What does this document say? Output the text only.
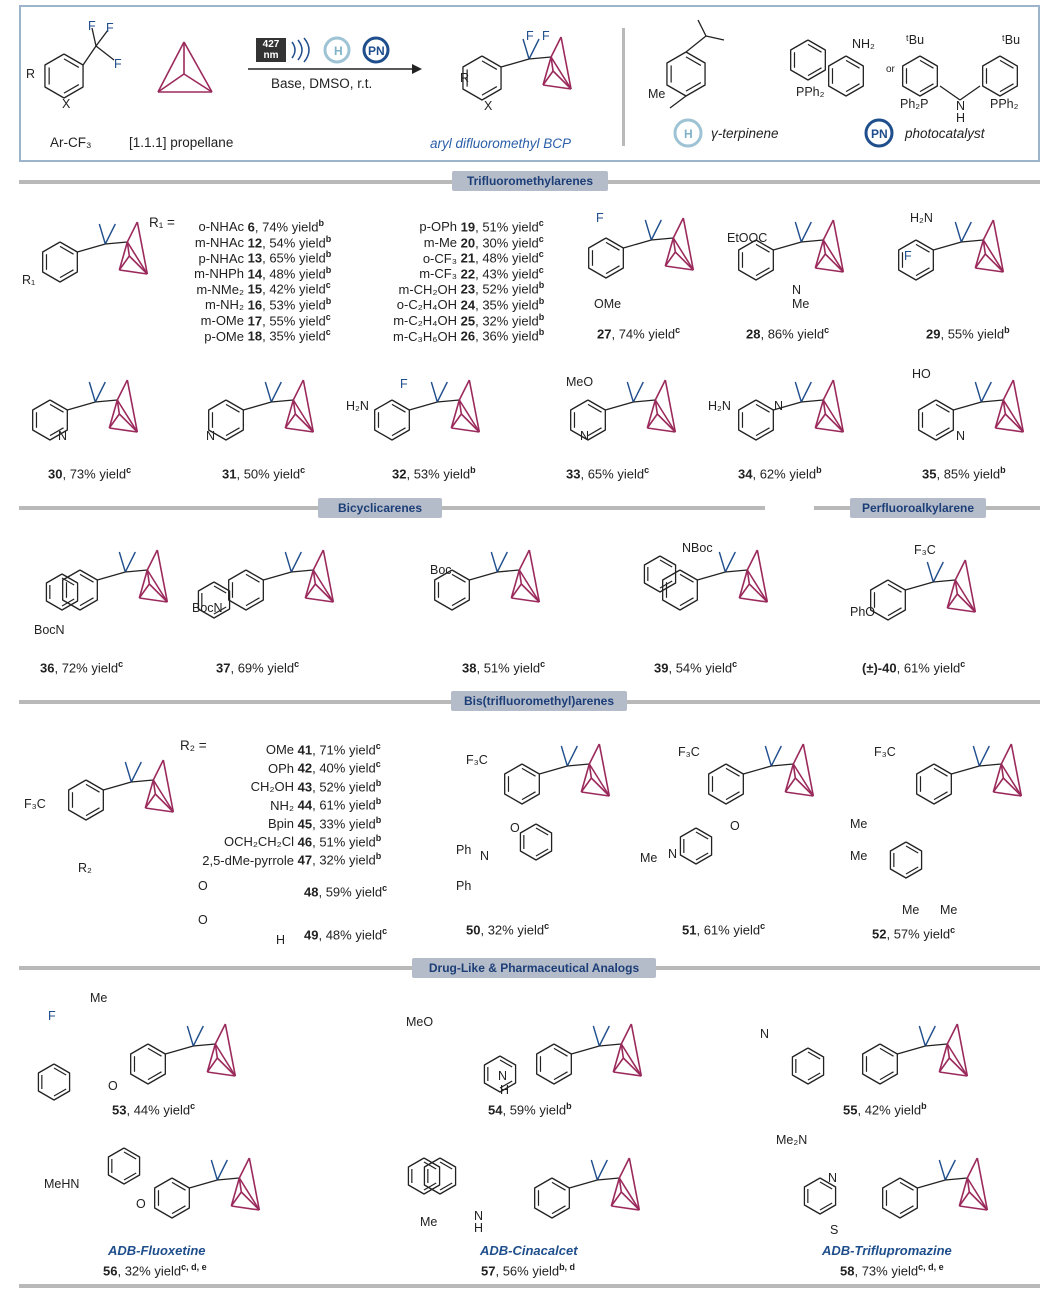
Trifluoromethylarenes
Bicyclicarenes	Perfluoroalkylarene
Bis(trifluoromethyl)arenes
Drug-Like & Pharmaceutical Analogs
Ar-CF₃	[1.1.1] propellane
Base, DMSO, r.t.
aryl difluoromethyl BCP
γ-terpinene	photocatalyst
or
427 nm
R₁ =	o-NHAc 6, 74% yield$^b$
m-NHAc 12, 54% yield$^b$
p-NHAc 13, 65% yield$^b$
m-NHPh 14, 48% yield$^b$
m-NMe₂ 15, 42% yield$^c$
m-NH₂ 16, 53% yield$^b$
m-OMe 17, 55% yield$^c$
p-OMe 18, 35% yield$^c$
p-OPh 19, 51% yield$^c$
m-Me 20, 30% yield$^c$
o-CF₃ 21, 48% yield$^c$
m-CF₃ 22, 43% yield$^c$
m-CH₂OH 23, 52% yield$^b$
o-C₂H₄OH 24, 35% yield$^b$
m-C₂H₄OH 25, 32% yield$^b$
m-C₃H₆OH 26, 36% yield$^b$
R₂ =	OMe 41, 71% yield$^c$
OPh 42, 40% yield$^c$
CH₂OH 43, 52% yield$^b$
NH₂ 44, 61% yield$^b$
Bpin 45, 33% yield$^b$
OCH₂CH₂Cl 46, 51% yield$^b$
2,5-dMe-pyrrole 47, 32% yield$^b$
48, 59% yield$^c$
49, 48% yield$^c$
27, 74% yield$^c$	28, 86% yield$^c$	29, 55% yield$^b$
30, 73% yield$^c$	31, 50% yield$^c$	32, 53% yield$^b$	33, 65% yield$^c$	34, 62% yield$^b$	35, 85% yield$^b$
36, 72% yield$^c$	37, 69% yield$^c$	38, 51% yield$^c$	39, 54% yield$^c$	(±)-40, 61% yield$^c$
50, 32% yield$^c$	51, 61% yield$^c$
52, 57% yield$^c$
53, 44% yield$^c$	54, 59% yield$^b$	55, 42% yield$^b$
56, 32% yield$^{c, d, e}$	57, 56% yield$^{b, d}$	58, 73% yield$^{c, d, e}$
ADB-Fluoxetine	ADB-Cinacalcet	ADB-Triflupromazine
R
X
F F
F
H PN
R
X
F F
Me
NH₂
PPh₂
Ph₂P N
H
PPh₂
ᵗBu	ᵗBu
H	PN
R₁
F
OMe
EtOOC
N
Me
H₂N
F
N	N
H₂N
F	MeO
N
H₂N	N
HO
N
BocN
BocN
Boc
NBoc	F₃C
PhO
F₃C
R₂
F₃C
F₃C	F₃C
O
N
Ph
Ph
O
N
Me
O
O
H
Me
Me
Me Me
F
Me
O
MeO
N
H
N
MeHN
O
Me	N
H
Me₂N
N
S
